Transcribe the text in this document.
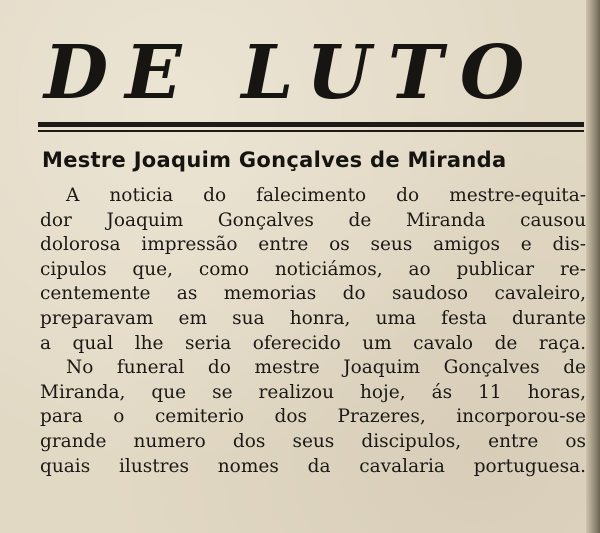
DE LUTO
Mestre Joaquim Gonçalves de Miranda
A noticia do falecimento do mestre-equita-
dor Joaquim Gonçalves de Miranda causou
dolorosa impressão entre os seus amigos e dis-
cipulos que, como noticiámos, ao publicar re-
centemente as memorias do saudoso cavaleiro,
preparavam em sua honra, uma festa durante
a qual lhe seria oferecido um cavalo de raça.
No funeral do mestre Joaquim Gonçalves de
Miranda, que se realizou hoje, ás 11 horas,
para o cemiterio dos Prazeres, incorporou-se
grande numero dos seus discipulos, entre os
quais ilustres nomes da cavalaria portuguesa.
